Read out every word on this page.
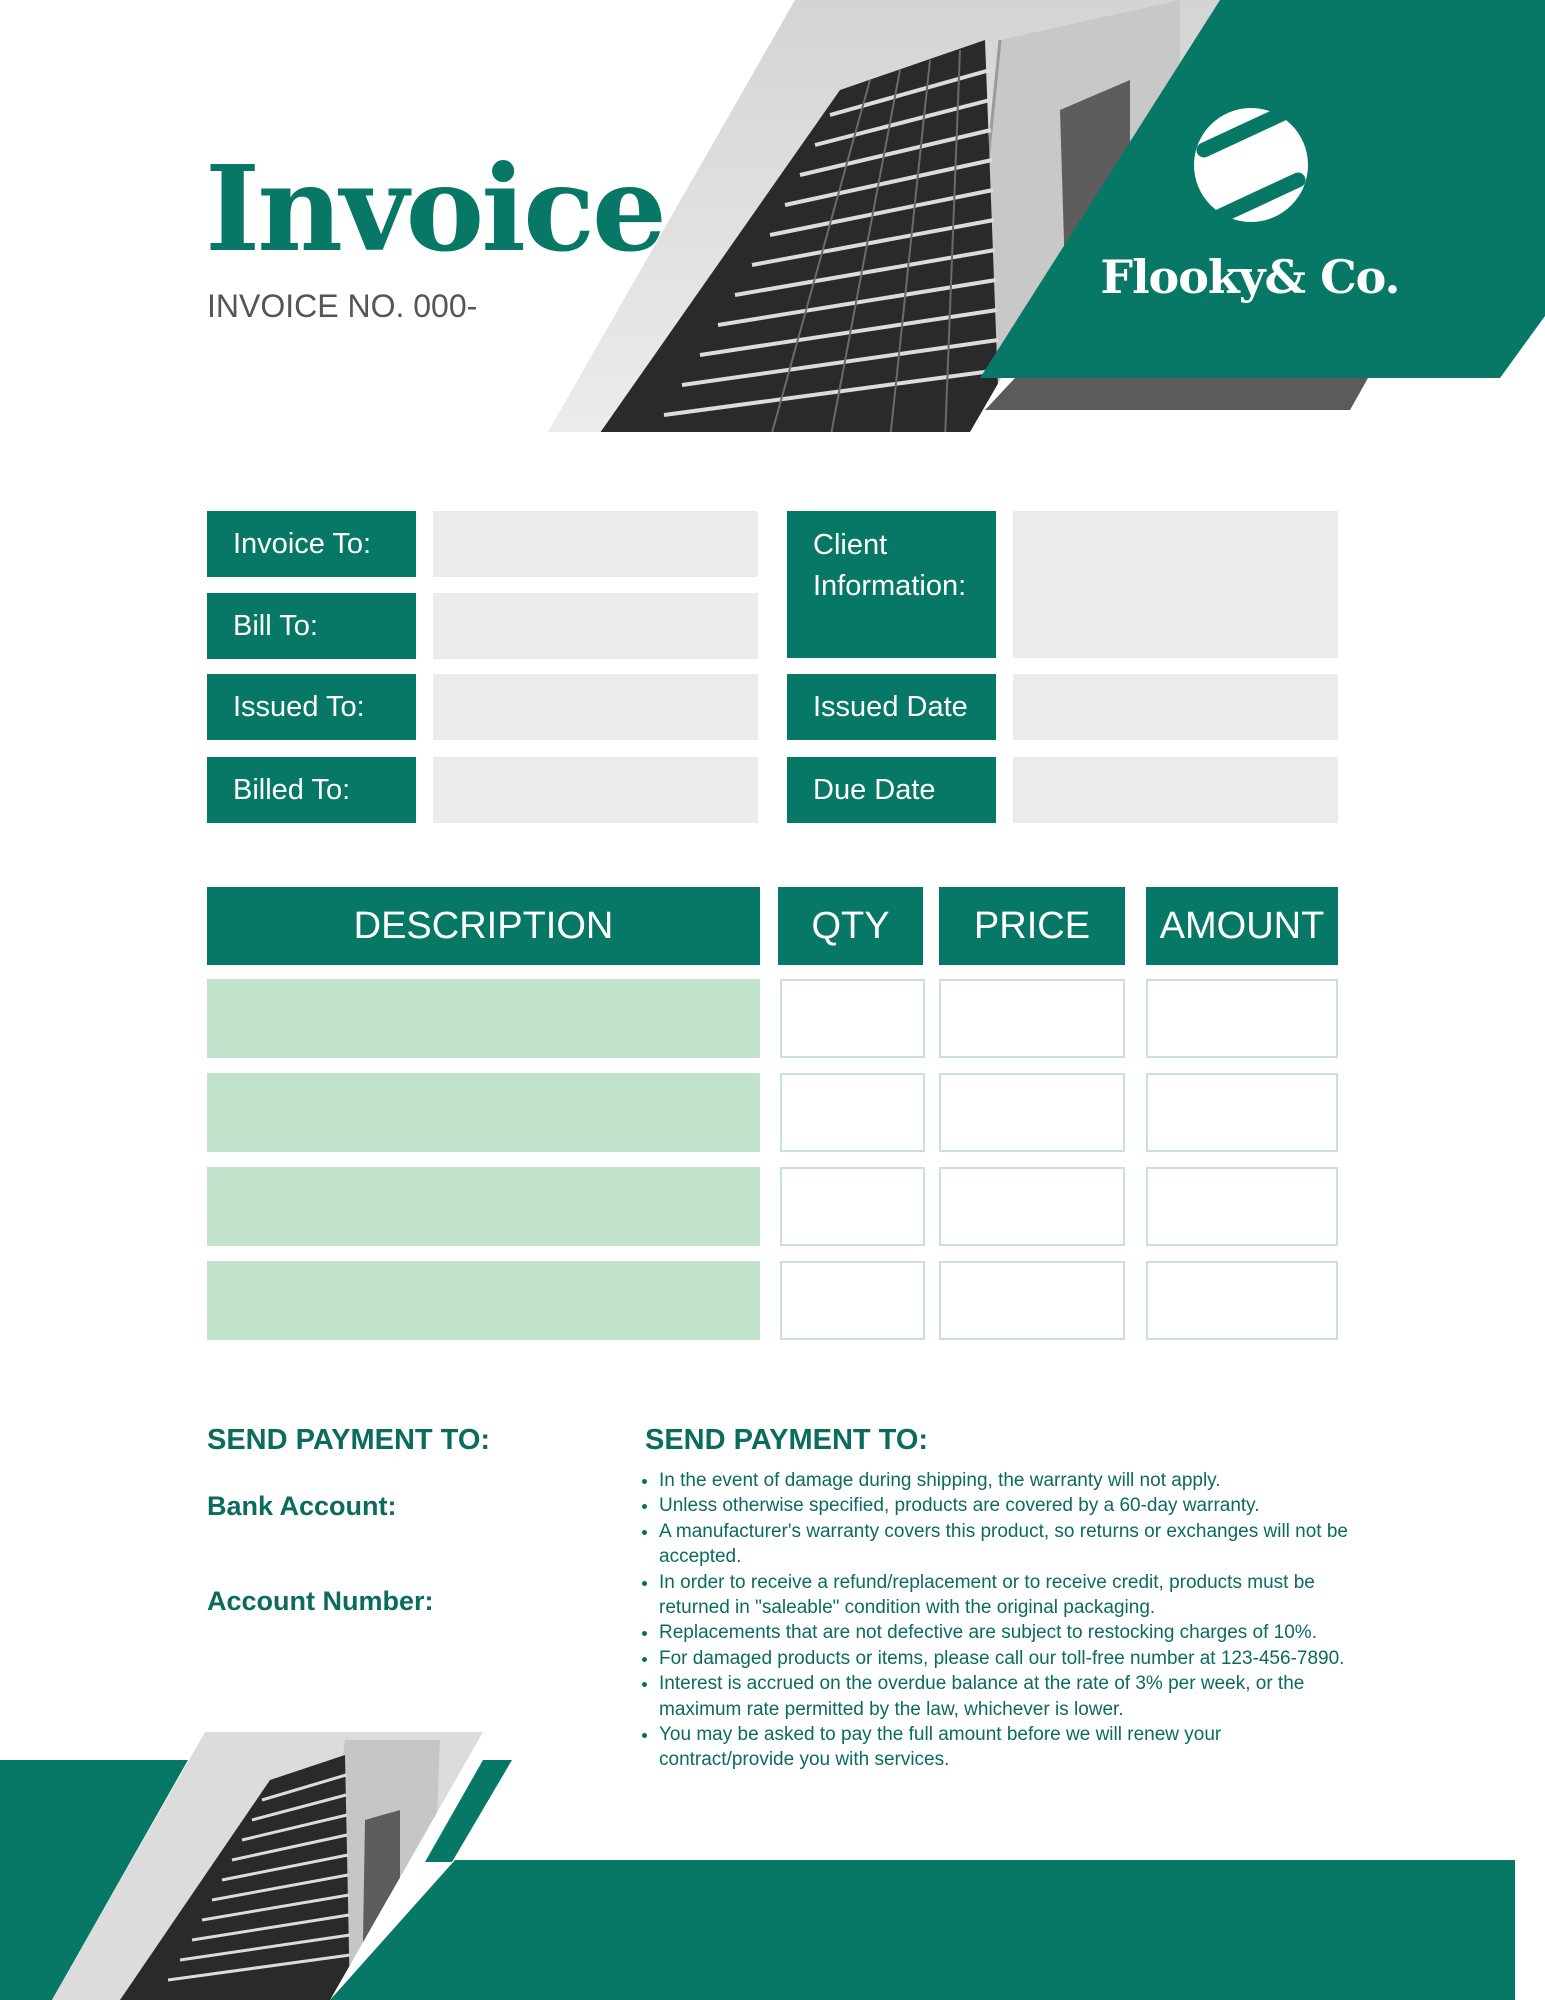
Invoice
INVOICE NO. 000-
Flooky& Co.
Invoice To:
Bill To:
Issued To:
Billed To:
Client Information:
Issued Date
Due Date
DESCRIPTION	QTY	PRICE	AMOUNT
SEND PAYMENT TO:
Bank Account:
Account Number:
SEND PAYMENT TO:
• In the event of damage during shipping, the warranty will not apply.
• Unless otherwise specified, products are covered by a 60-day warranty.
• A manufacturer's warranty covers this product, so returns or exchanges will not be accepted.
• In order to receive a refund/replacement or to receive credit, products must be returned in "saleable" condition with the original packaging.
• Replacements that are not defective are subject to restocking charges of 10%.
• For damaged products or items, please call our toll-free number at 123-456-7890.
• Interest is accrued on the overdue balance at the rate of 3% per week, or the maximum rate permitted by the law, whichever is lower.
• You may be asked to pay the full amount before we will renew your contract/provide you with services.
